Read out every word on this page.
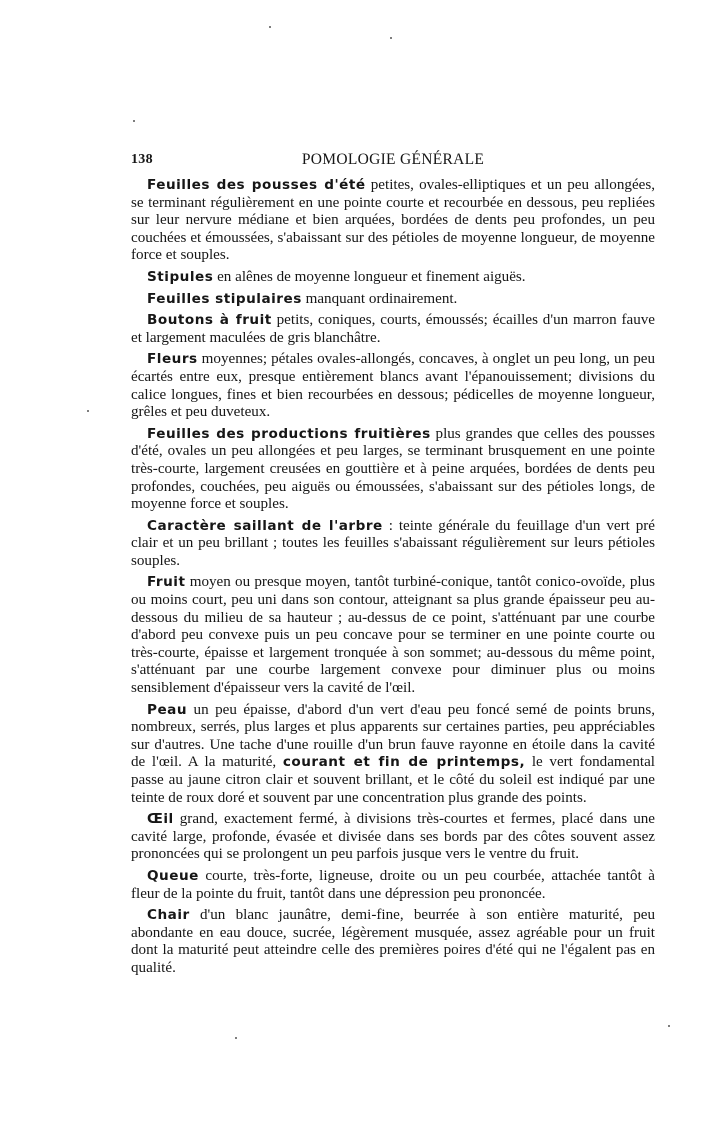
138	POMOLOGIE GÉNÉRALE

Feuilles des pousses d'été petites, ovales-elliptiques et un peu allongées, se terminant régulièrement en une pointe courte et recourbée en dessous, peu repliées sur leur nervure médiane et bien arquées, bordées de dents peu profondes, un peu couchées et émoussées, s'abaissant sur des pétioles de moyenne longueur, de moyenne force et souples.

Stipules en alênes de moyenne longueur et finement aiguës.

Feuilles stipulaires manquant ordinairement.

Boutons à fruit petits, coniques, courts, émoussés; écailles d'un marron fauve et largement maculées de gris blanchâtre.

Fleurs moyennes; pétales ovales-allongés, concaves, à onglet un peu long, un peu écartés entre eux, presque entièrement blancs avant l'épanouissement; divisions du calice longues, fines et bien recourbées en dessous; pédicelles de moyenne longueur, grêles et peu duveteux.

Feuilles des productions fruitières plus grandes que celles des pousses d'été, ovales un peu allongées et peu larges, se terminant brusquement en une pointe très-courte, largement creusées en gouttière et à peine arquées, bordées de dents peu profondes, couchées, peu aiguës ou émoussées, s'abaissant sur des pétioles longs, de moyenne force et souples.

Caractère saillant de l'arbre : teinte générale du feuillage d'un vert pré clair et un peu brillant ; toutes les feuilles s'abaissant régulièrement sur leurs pétioles souples.

Fruit moyen ou presque moyen, tantôt turbiné-conique, tantôt conico-ovoïde, plus ou moins court, peu uni dans son contour, atteignant sa plus grande épaisseur peu au-dessous du milieu de sa hauteur ; au-dessus de ce point, s'atténuant par une courbe d'abord peu convexe puis un peu concave pour se terminer en une pointe courte ou très-courte, épaisse et largement tronquée à son sommet; au-dessous du même point, s'atténuant par une courbe largement convexe pour diminuer plus ou moins sensiblement d'épaisseur vers la cavité de l'œil.

Peau un peu épaisse, d'abord d'un vert d'eau peu foncé semé de points bruns, nombreux, serrés, plus larges et plus apparents sur certaines parties, peu appréciables sur d'autres. Une tache d'une rouille d'un brun fauve rayonne en étoile dans la cavité de l'œil. A la maturité, courant et fin de printemps, le vert fondamental passe au jaune citron clair et souvent brillant, et le côté du soleil est indiqué par une teinte de roux doré et souvent par une concentration plus grande des points.

Œil grand, exactement fermé, à divisions très-courtes et fermes, placé dans une cavité large, profonde, évasée et divisée dans ses bords par des côtes souvent assez prononcées qui se prolongent un peu parfois jusque vers le ventre du fruit.

Queue courte, très-forte, ligneuse, droite ou un peu courbée, attachée tantôt à fleur de la pointe du fruit, tantôt dans une dépression peu prononcée.

Chair d'un blanc jaunâtre, demi-fine, beurrée à son entière maturité, peu abondante en eau douce, sucrée, légèrement musquée, assez agréable pour un fruit dont la maturité peut atteindre celle des premières poires d'été qui ne l'égalent pas en qualité.
